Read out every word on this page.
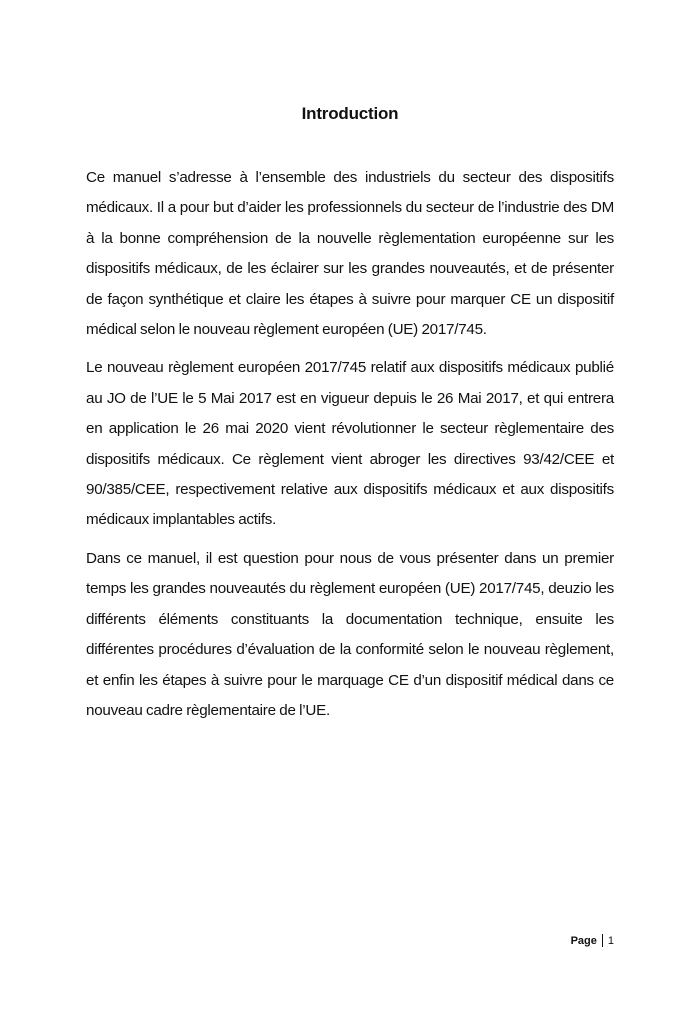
Introduction

Ce manuel s’adresse à l’ensemble des industriels du secteur des dispositifs médicaux. Il a pour but d’aider les professionnels du secteur de l’industrie des DM à la bonne compréhension de la nouvelle règlementation européenne sur les dispositifs médicaux, de les éclairer sur les grandes nouveautés, et de présenter de façon synthétique et claire les étapes à suivre pour marquer CE un dispositif médical selon le nouveau règlement européen (UE) 2017/745.

Le nouveau règlement européen 2017/745 relatif aux dispositifs médicaux publié au JO de l’UE le 5 Mai 2017 est en vigueur depuis le 26 Mai 2017, et qui entrera en application le 26 mai 2020 vient révolutionner le secteur règlementaire des dispositifs médicaux. Ce règlement vient abroger les directives 93/42/CEE et 90/385/CEE, respectivement relative aux dispositifs médicaux et aux dispositifs médicaux implantables actifs.

Dans ce manuel, il est question pour nous de vous présenter dans un premier temps les grandes nouveautés du règlement européen (UE) 2017/745, deuzio les différents éléments constituants la documentation technique, ensuite les différentes procédures d’évaluation de la conformité selon le nouveau règlement, et enfin les étapes à suivre pour le marquage CE d’un dispositif médical dans ce nouveau cadre règlementaire de l’UE.

Page 1
